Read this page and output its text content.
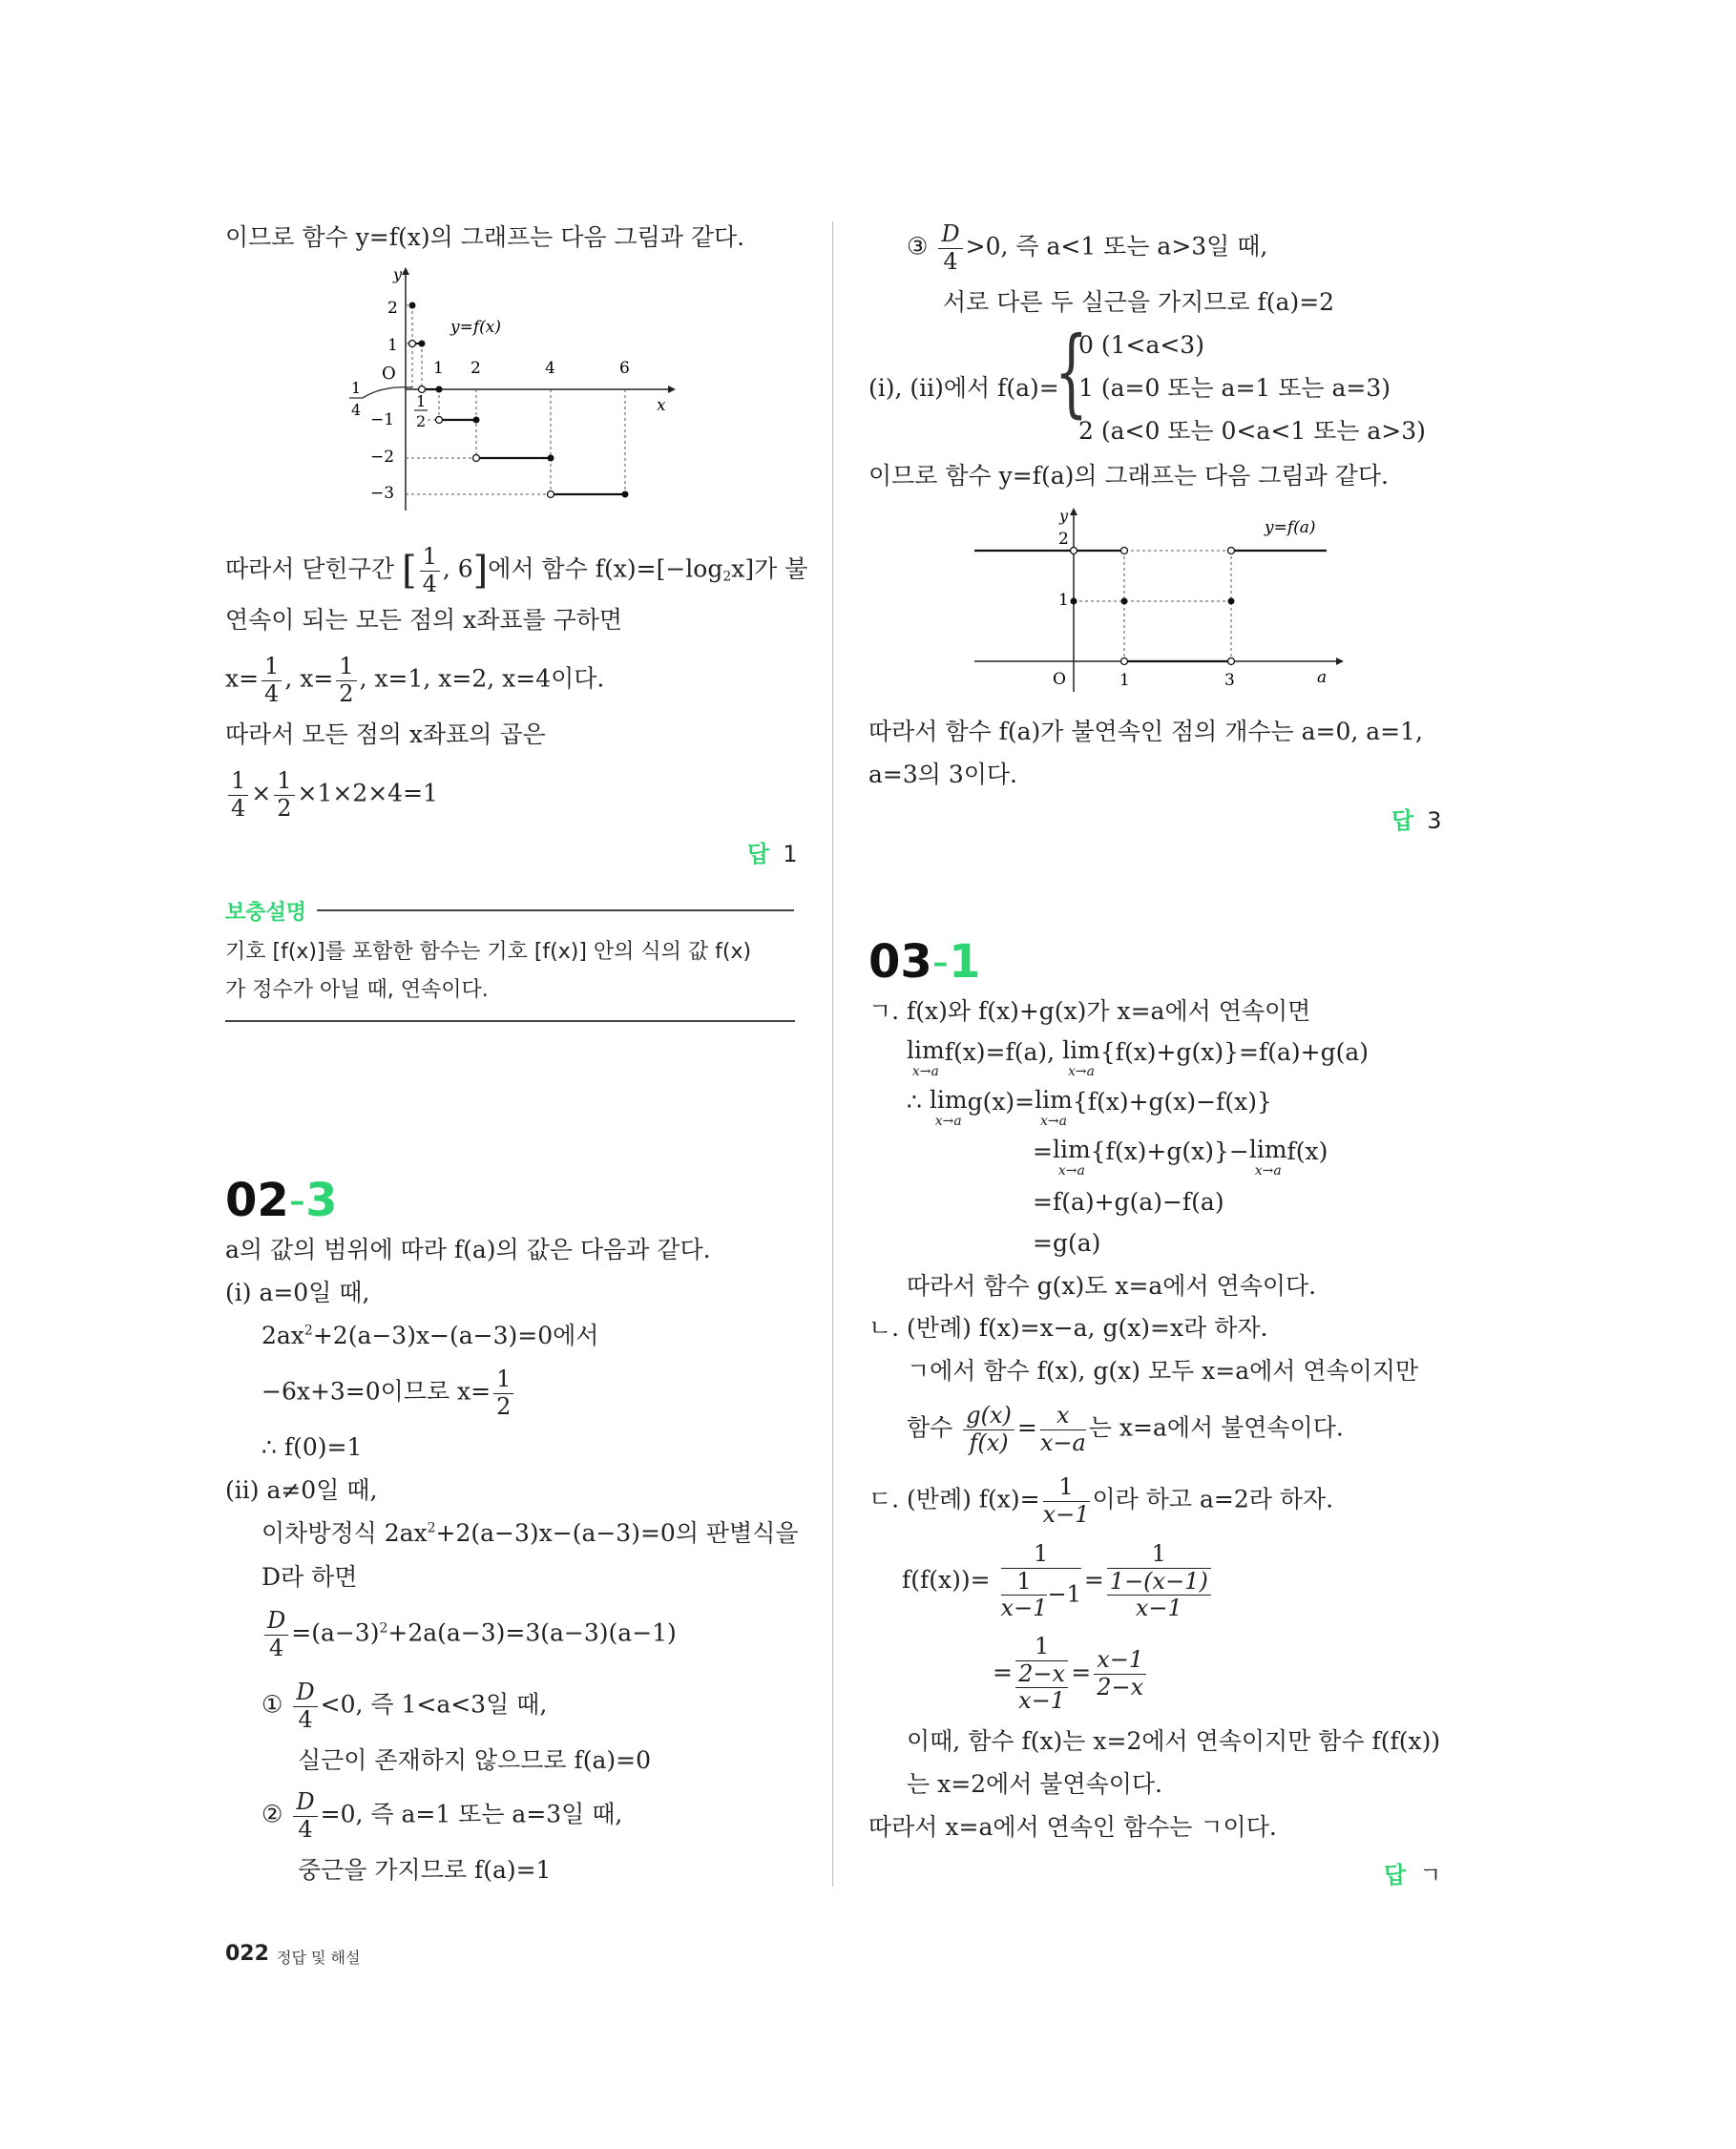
이므로 함수 y=f(x)의 그래프는 다음 그림과 같다.
y
x
O
2
1
−1
−2
−3
1 2	4	6
y=f(x)
1
4	1
2
따라서 닫힌구간 [ $\frac{1}{4}$ , 6]에서 함수 $f(x)=[-\log_2x]$가 불
연속이 되는 모든 점의 x좌표를 구하면
$x= \frac{1}{4}$ , $x= \frac{1}{2}$ , x=1, x=2, x=4이다.
따라서 모든 점의 x좌표의 곱은
$\frac{1}{4} \times \frac{1}{2} \times 1\times 2\times 4=1$
답 1
보충설명
기호 [f(x)]를 포함한 함수는 기호 [f(x)] 안의 식의 값 f(x)
가 정수가 아닐 때, 연속이다.
02-3
a의 값의 범위에 따라 f(a)의 값은 다음과 같다.
(ⅰ) a=0일 때,
$2ax^2+2(a-3)x-(a-3)=0$에서
−6x+3=0이므로 $x= \frac{1}{2}$
∴ f(0)=1
(ⅱ) a≠0일 때,
이차방정식 $2ax^2+2(a-3)x-(a-3)=0$의 판별식을
D라 하면
$\frac{D}{4} =(a-3)^2+2a(a-3)=3(a-3)(a-1)$
① $\frac{D}{4} <0$, 즉 1<a<3일 때,
실근이 존재하지 않으므로 f(a)=0
② $\frac{D}{4} =0$, 즉 a=1 또는 a=3일 때,
중근을 가지므로 f(a)=1
③ $\frac{D}{4} >0$, 즉 a<1 또는 a>3일 때,
서로 다른 두 실근을 가지므로 f(a)=2
(ⅰ), (ⅱ)에서 f(a)=
{
0 (1<a<3)
1 (a=0 또는 a=1 또는 a=3)
2 (a<0 또는 0<a<1 또는 a>3)
이므로 함수 y=f(a)의 그래프는 다음 그림과 같다.
y
a
O
2
1
1	3
y=f(a)
따라서 함수 f(a)가 불연속인 점의 개수는 a=0, a=1,
a=3의 3이다.
답 3
03-1
ㄱ. f(x)와 f(x)+g(x)가 x=a에서 연속이면
lim
x→a
f(x)=f(a), lim
x→a
{f(x)+g(x)}=f(a)+g(a)
∴ lim
x→a
g(x)=lim
x→a
{f(x)+g(x)−f(x)}
=lim
x→a
{f(x)+g(x)}−lim
x→a
f(x)
=f(a)+g(a)−f(a)
=g(a)
따라서 함수 g(x)도 x=a에서 연속이다.
ㄴ. (반례) f(x)=x−a, g(x)=x라 하자.
ㄱ에서 함수 f(x), g(x) 모두 x=a에서 연속이지만
함수 $\frac{g(x)}{f(x)} = \frac{x}{x-a}$ 는 x=a에서 불연속이다.
ㄷ. (반례) $f(x)= \frac{1}{x-1}$ 이라 하고 a=2라 하자.
$f(f(x))= \frac{1}{\frac{1}{x-1} -1} = \frac{1}{\frac{1-(x-1)}{x-1}}$
= $\frac{1}{\frac{2-x}{x-1}} = \frac{x-1}{2-x}$
이때, 함수 f(x)는 x=2에서 연속이지만 함수 f(f(x))
는 x=2에서 불연속이다.
따라서 x=a에서 연속인 함수는 ㄱ이다.
답 ㄱ
022 정답 및 해설
